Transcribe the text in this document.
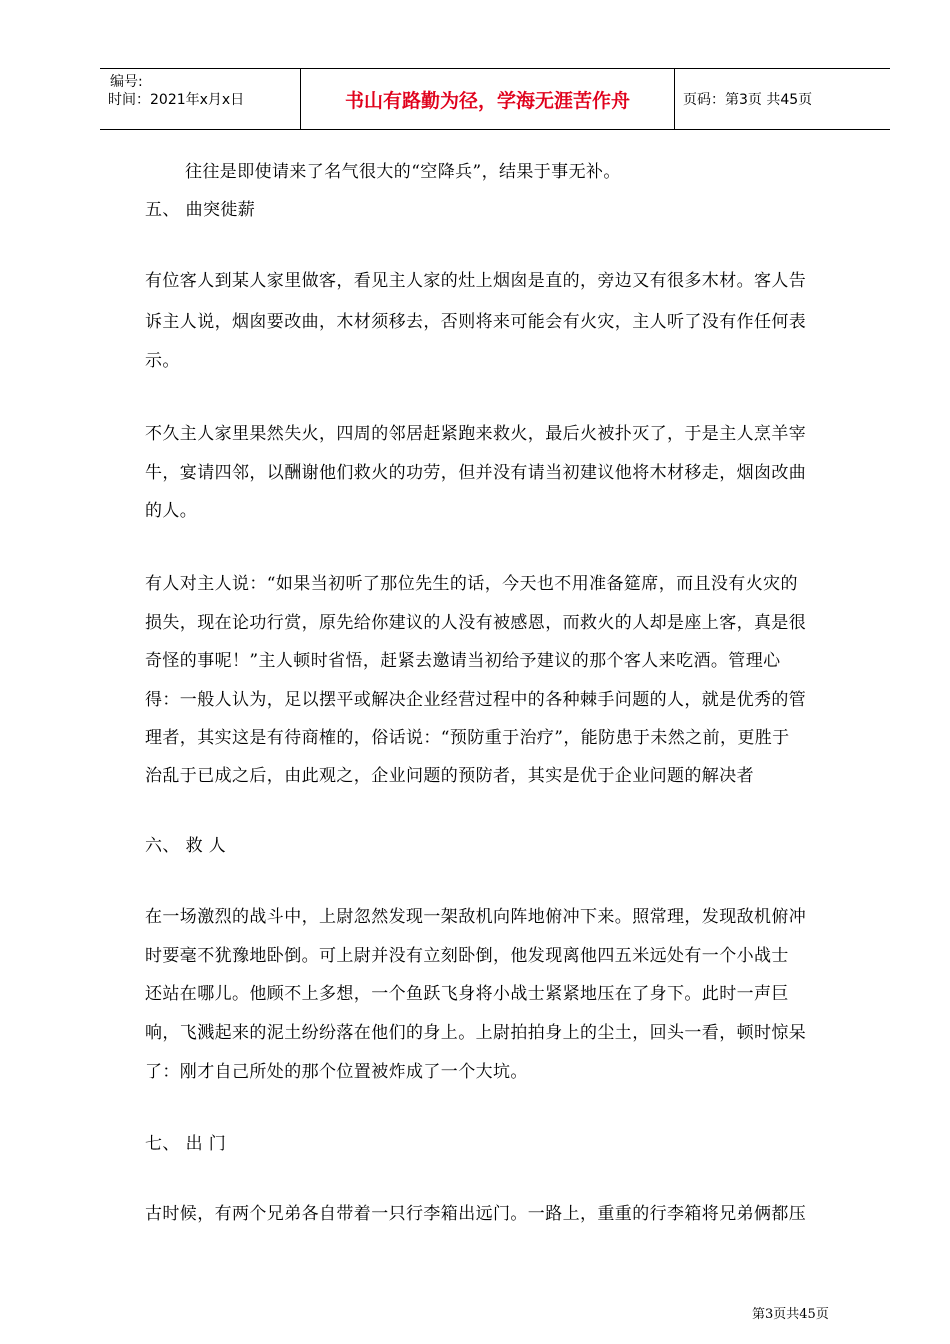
编号:
时间：2021年x月x日	书山有路勤为径，学海无涯苦作舟	页码：第3页 共45页
往往是即使请来了名气很大的“空降兵”，结果于事无补。
五、 曲突徙薪
有位客人到某人家里做客，看见主人家的灶上烟囱是直的，旁边又有很多木材。客人告
诉主人说，烟囱要改曲，木材须移去，否则将来可能会有火灾，主人听了没有作任何表
示。
不久主人家里果然失火，四周的邻居赶紧跑来救火，最后火被扑灭了，于是主人烹羊宰
牛，宴请四邻，以酬谢他们救火的功劳，但并没有请当初建议他将木材移走，烟囱改曲
的人。
有人对主人说：“如果当初听了那位先生的话，今天也不用准备筵席，而且没有火灾的
损失，现在论功行赏，原先给你建议的人没有被感恩，而救火的人却是座上客，真是很
奇怪的事呢！”主人顿时省悟，赶紧去邀请当初给予建议的那个客人来吃酒。管理心
得：一般人认为，足以摆平或解决企业经营过程中的各种棘手问题的人，就是优秀的管
理者，其实这是有待商榷的，俗话说：“预防重于治疗”，能防患于未然之前，更胜于
治乱于已成之后，由此观之，企业问题的预防者，其实是优于企业问题的解决者
六、 救 人
在一场激烈的战斗中，上尉忽然发现一架敌机向阵地俯冲下来。照常理，发现敌机俯冲
时要毫不犹豫地卧倒。可上尉并没有立刻卧倒，他发现离他四五米远处有一个小战士
还站在哪儿。他顾不上多想，一个鱼跃飞身将小战士紧紧地压在了身下。此时一声巨
响，飞溅起来的泥土纷纷落在他们的身上。上尉拍拍身上的尘土，回头一看，顿时惊呆
了：刚才自己所处的那个位置被炸成了一个大坑。
七、 出 门
古时候，有两个兄弟各自带着一只行李箱出远门。一路上，重重的行李箱将兄弟俩都压
第3页共45页
